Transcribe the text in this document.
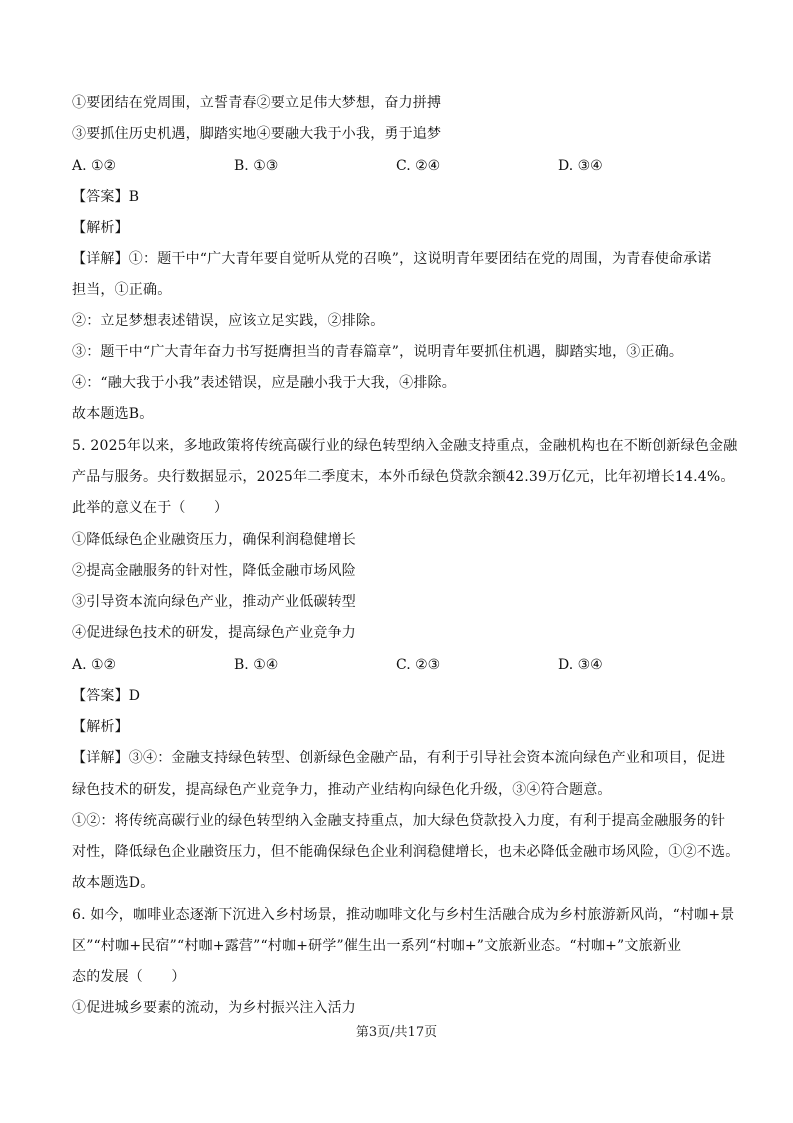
①要团结在党周围，立誓青春②要立足伟大梦想，奋力拼搏
③要抓住历史机遇，脚踏实地④要融大我于小我，勇于追梦
A. ①②	B. ①③	C. ②④	D. ③④
【答案】B
【解析】
【详解】①：题干中“广大青年要自觉听从党的召唤”，这说明青年要团结在党的周围，为青春使命承诺
担当，①正确。
②：立足梦想表述错误，应该立足实践，②排除。
③：题干中“广大青年奋力书写挺膺担当的青春篇章”，说明青年要抓住机遇，脚踏实地，③正确。
④：“融大我于小我”表述错误，应是融小我于大我，④排除。
故本题选B。
5. 2025年以来，多地政策将传统高碳行业的绿色转型纳入金融支持重点，金融机构也在不断创新绿色金融
产品与服务。央行数据显示，2025年二季度末，本外币绿色贷款余额42.39万亿元，比年初增长14.4%。
此举的意义在于（　　）
①降低绿色企业融资压力，确保利润稳健增长
②提高金融服务的针对性，降低金融市场风险
③引导资本流向绿色产业，推动产业低碳转型
④促进绿色技术的研发，提高绿色产业竞争力
A. ①②	B. ①④	C. ②③	D. ③④
【答案】D
【解析】
【详解】③④：金融支持绿色转型、创新绿色金融产品，有利于引导社会资本流向绿色产业和项目，促进
绿色技术的研发，提高绿色产业竞争力，推动产业结构向绿色化升级，③④符合题意。
①②：将传统高碳行业的绿色转型纳入金融支持重点，加大绿色贷款投入力度，有利于提高金融服务的针
对性，降低绿色企业融资压力，但不能确保绿色企业利润稳健增长，也未必降低金融市场风险，①②不选。
故本题选D。
6. 如今，咖啡业态逐渐下沉进入乡村场景，推动咖啡文化与乡村生活融合成为乡村旅游新风尚，“村咖+景
区”“村咖+民宿”“村咖+露营”“村咖+研学”催生出一系列“村咖+”文旅新业态。“村咖+”文旅新业
态的发展（　　）
①促进城乡要素的流动，为乡村振兴注入活力
第3页/共17页
